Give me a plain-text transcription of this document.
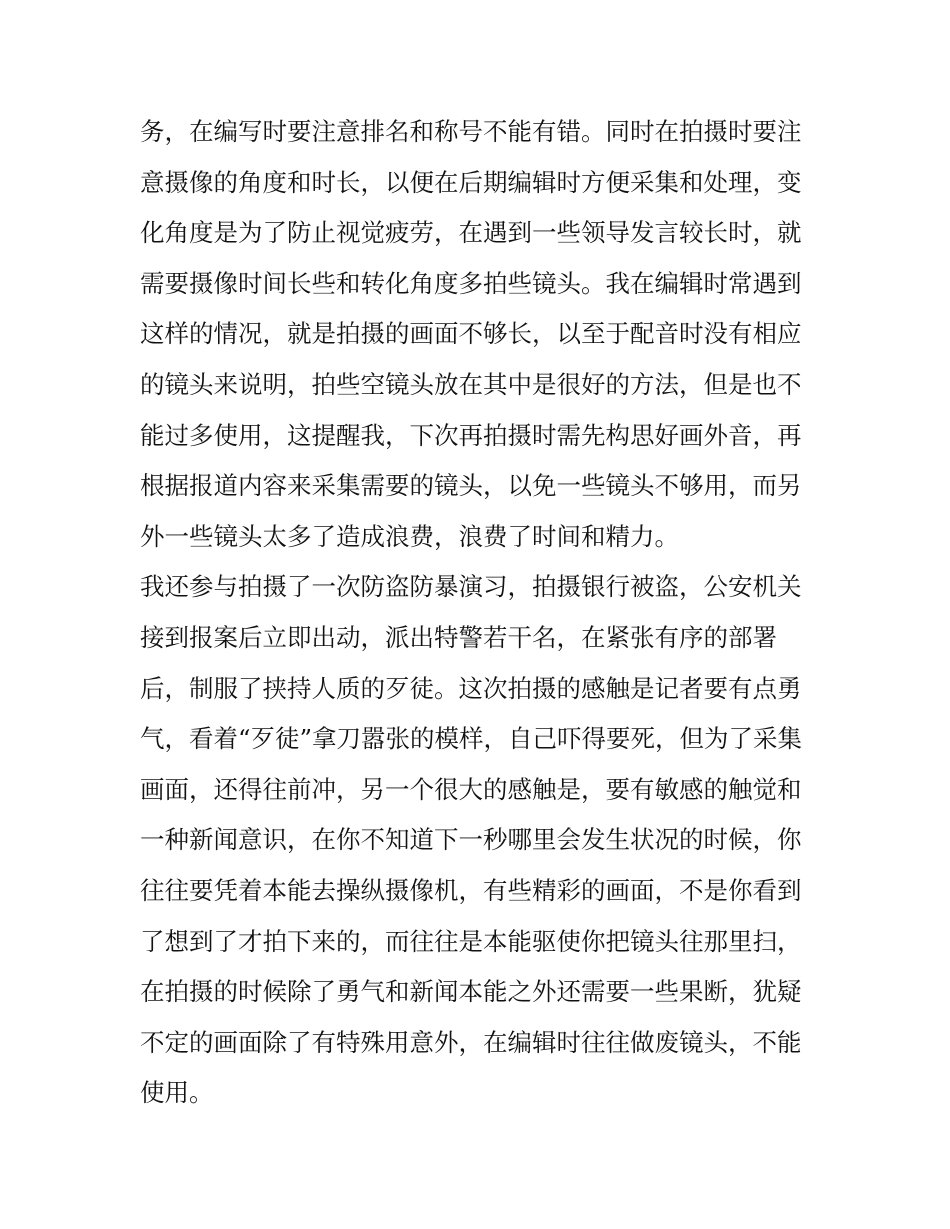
务，在编写时要注意排名和称号不能有错。同时在拍摄时要注
意摄像的角度和时长，以便在后期编辑时方便采集和处理，变
化角度是为了防止视觉疲劳，在遇到一些领导发言较长时，就
需要摄像时间长些和转化角度多拍些镜头。我在编辑时常遇到
这样的情况，就是拍摄的画面不够长，以至于配音时没有相应
的镜头来说明，拍些空镜头放在其中是很好的方法，但是也不
能过多使用，这提醒我，下次再拍摄时需先构思好画外音，再
根据报道内容来采集需要的镜头，以免一些镜头不够用，而另
外一些镜头太多了造成浪费，浪费了时间和精力。
我还参与拍摄了一次防盗防暴演习，拍摄银行被盗，公安机关
接到报案后立即出动，派出特警若干名，在紧张有序的部署
后，制服了挟持人质的歹徒。这次拍摄的感触是记者要有点勇
气，看着“歹徒”拿刀嚣张的模样，自己吓得要死，但为了采集
画面，还得往前冲，另一个很大的感触是，要有敏感的触觉和
一种新闻意识，在你不知道下一秒哪里会发生状况的时候，你
往往要凭着本能去操纵摄像机，有些精彩的画面，不是你看到
了想到了才拍下来的，而往往是本能驱使你把镜头往那里扫，
在拍摄的时候除了勇气和新闻本能之外还需要一些果断，犹疑
不定的画面除了有特殊用意外，在编辑时往往做废镜头，不能
使用。
